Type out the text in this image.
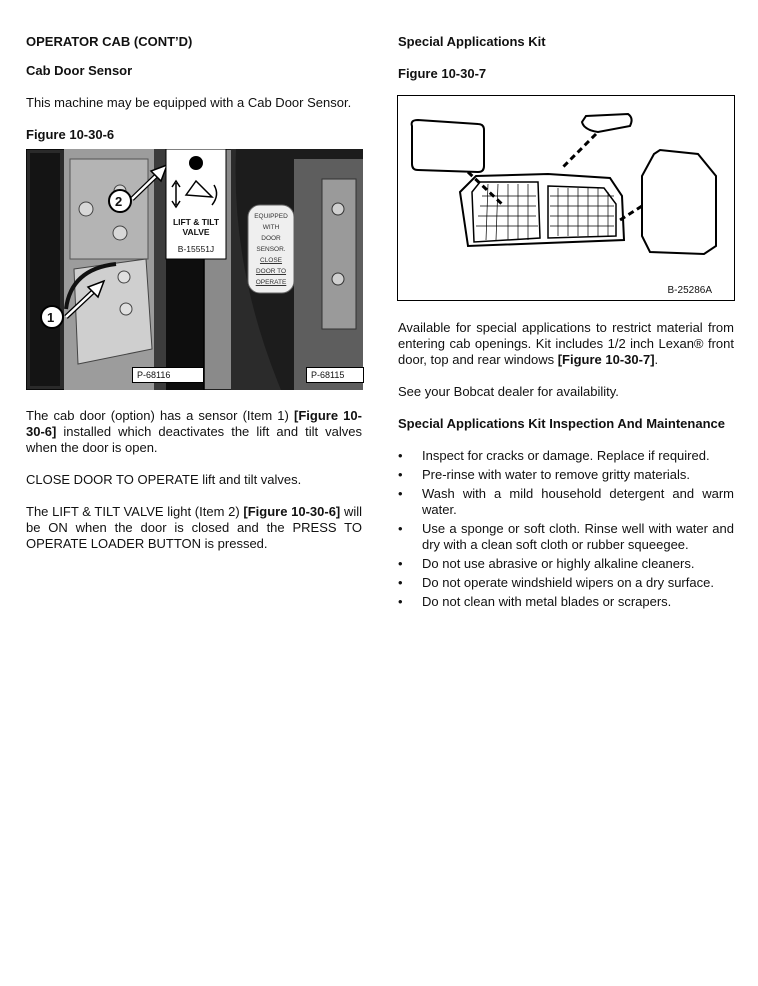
OPERATOR CAB (CONT’D)
Cab Door Sensor
This machine may be equipped with a Cab Door Sensor.
Figure 10-30-6
1
2
LIFT & TILT
VALVE
B-15551J
EQUIPPED
WITH
DOOR
SENSOR.
CLOSE
DOOR TO
OPERATE
P-68116	P-68115
The cab door (option) has a sensor (Item 1) [Figure 10-30-6] installed which deactivates the lift and tilt valves when the door is open.
CLOSE DOOR TO OPERATE lift and tilt valves.
The LIFT & TILT VALVE light (Item 2) [Figure 10-30-6] will be ON when the door is closed and the PRESS TO OPERATE LOADER BUTTON is pressed.
Special Applications Kit
Figure 10-30-7
B-25286A
Available for special applications to restrict material from entering cab openings. Kit includes 1/2 inch Lexan® front door, top and rear windows [Figure 10-30-7].
See your Bobcat dealer for availability.
Special Applications Kit Inspection And Maintenance
• Inspect for cracks or damage. Replace if required.
• Pre-rinse with water to remove gritty materials.
• Wash with a mild household detergent and warm water.
• Use a sponge or soft cloth. Rinse well with water and dry with a clean soft cloth or rubber squeegee.
• Do not use abrasive or highly alkaline cleaners.
• Do not operate windshield wipers on a dry surface.
• Do not clean with metal blades or scrapers.
